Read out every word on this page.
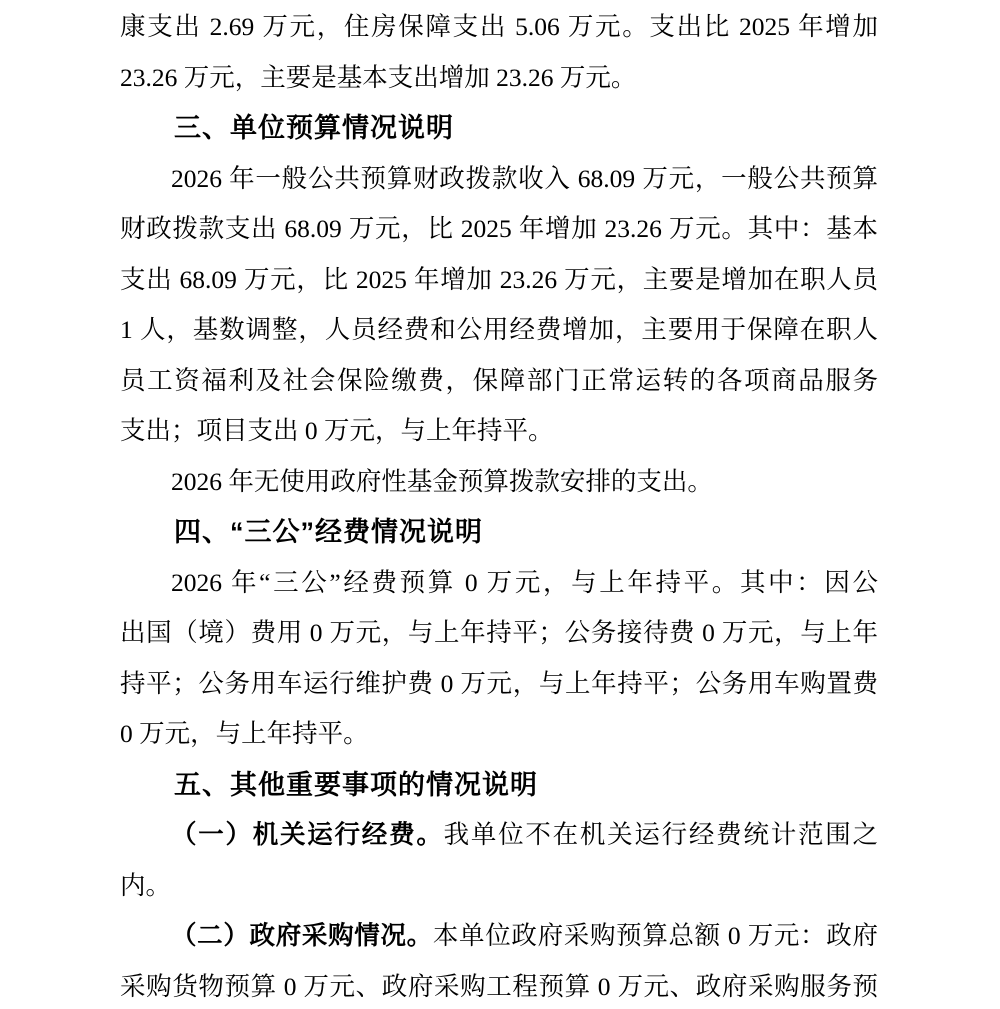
康支出 2.69 万元，住房保障支出 5.06 万元。支出比 2025 年增加
23.26 万元，主要是基本支出增加 23.26 万元。
三、单位预算情况说明
2026 年一般公共预算财政拨款收入 68.09 万元，一般公共预算
财政拨款支出 68.09 万元，比 2025 年增加 23.26 万元。其中：基本
支出 68.09 万元，比 2025 年增加 23.26 万元，主要是增加在职人员
1 人，基数调整，人员经费和公用经费增加，主要用于保障在职人
员工资福利及社会保险缴费，保障部门正常运转的各项商品服务
支出；项目支出 0 万元，与上年持平。
2026 年无使用政府性基金预算拨款安排的支出。
四、“三公”经费情况说明
2026 年“三公”经费预算 0 万元，与上年持平。其中：因公
出国（境）费用 0 万元，与上年持平；公务接待费 0 万元，与上年
持平；公务用车运行维护费 0 万元，与上年持平；公务用车购置费
0 万元，与上年持平。
五、其他重要事项的情况说明
（一）机关运行经费。我单位不在机关运行经费统计范围之
内。
（二）政府采购情况。本单位政府采购预算总额 0 万元：政府
采购货物预算 0 万元、政府采购工程预算 0 万元、政府采购服务预
